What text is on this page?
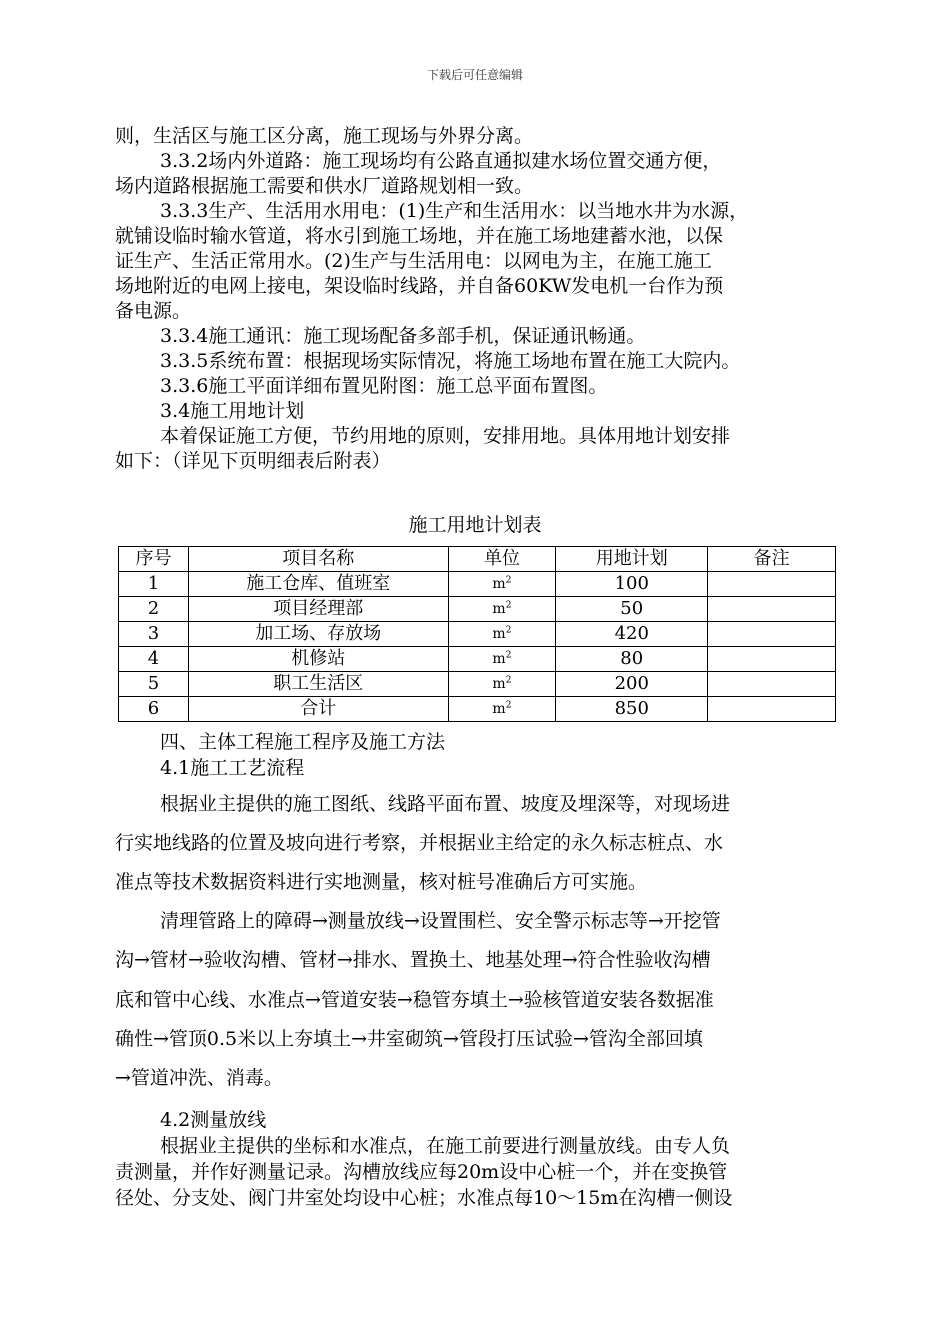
下载后可任意编辑
则，生活区与施工区分离，施工现场与外界分离。
3.3.2场内外道路：施工现场均有公路直通拟建水场位置交通方便，
场内道路根据施工需要和供水厂道路规划相一致。
3.3.3生产、生活用水用电：(1)生产和生活用水：以当地水井为水源，
就铺设临时输水管道，将水引到施工场地，并在施工场地建蓄水池，以保
证生产、生活正常用水。(2)生产与生活用电：以网电为主，在施工施工
场地附近的电网上接电，架设临时线路，并自备60KW发电机一台作为预
备电源。
3.3.4施工通讯：施工现场配备多部手机，保证通讯畅通。
3.3.5系统布置：根据现场实际情况，将施工场地布置在施工大院内。
3.3.6施工平面详细布置见附图：施工总平面布置图。
3.4施工用地计划
本着保证施工方便，节约用地的原则，安排用地。具体用地计划安排
如下：（详见下页明细表后附表）
施工用地计划表
序号	项目名称	单位	用地计划	备注
1	施工仓库、值班室	$m^2$	100	
2	项目经理部	$m^2$	50	
3	加工场、存放场	$m^2$	420	
4	机修站	$m^2$	80	
5	职工生活区	$m^2$	200	
6	合计	$m^2$	850	
四、主体工程施工程序及施工方法
4.1施工工艺流程
根据业主提供的施工图纸、线路平面布置、坡度及埋深等，对现场进
行实地线路的位置及坡向进行考察，并根据业主给定的永久标志桩点、水
准点等技术数据资料进行实地测量，核对桩号准确后方可实施。
清理管路上的障碍→测量放线→设置围栏、安全警示标志等→开挖管
沟→管材→验收沟槽、管材→排水、置换土、地基处理→符合性验收沟槽
底和管中心线、水准点→管道安装→稳管夯填土→验核管道安装各数据准
确性→管顶0.5米以上夯填土→井室砌筑→管段打压试验→管沟全部回填
→管道冲洗、消毒。
4.2测量放线
根据业主提供的坐标和水准点，在施工前要进行测量放线。由专人负
责测量，并作好测量记录。沟槽放线应每20m设中心桩一个，并在变换管
径处、分支处、阀门井室处均设中心桩；水准点每10～15m在沟槽一侧设
